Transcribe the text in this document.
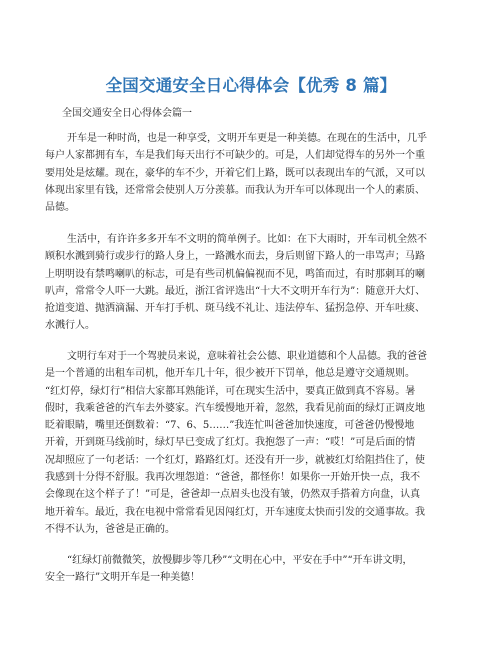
全国交通安全日心得体会【优秀 8 篇】
全国交通安全日心得体会篇一
开车是一种时尚，也是一种享受，文明开车更是一种美德。在现在的生活中，几乎
每户人家都拥有车，车是我们每天出行不可缺少的。可是，人们却觉得车的另外一个重
要用处是炫耀。现在，豪华的车不少，开着它们上路，既可以表现出车的气派，又可以
体现出家里有钱，还常常会使别人万分羡慕。而我认为开车可以体现出一个人的素质、
品德。
生活中，有许许多多开车不文明的简单例子。比如：在下大雨时，开车司机全然不
顾积水溅到骑行或步行的路人身上，一路溅水而去，身后则留下路人的一串骂声；马路
上明明设有禁鸣喇叭的标志，可是有些司机偏偏视而不见，鸣笛而过，有时那刺耳的喇
叭声，常常令人吓一大跳。最近，浙江省评选出“十大不文明开车行为”：随意开大灯、
抢道变道、抛洒滴漏、开车打手机、斑马线不礼让、违法停车、猛拐急停、开车吐痰、
水溅行人。
文明行车对于一个驾驶员来说，意味着社会公德、职业道德和个人品德。我的爸爸
是一个普通的出租车司机，他开车几十年，很少被开下罚单，他总是遵守交通规则。
“红灯停，绿灯行”相信大家都耳熟能详，可在现实生活中，要真正做到真不容易。暑
假时，我乘爸爸的汽车去外婆家。汽车缓慢地开着，忽然，我看见前面的绿灯正调皮地
眨着眼睛，嘴里还倒数着：“7、6、5……”我连忙叫爸爸加快速度，可爸爸仍慢慢地
开着，开到斑马线前时，绿灯早已变成了红灯。我抱怨了一声：“哎！”可是后面的情
况却照应了一句老话：一个红灯，路路红灯。还没有开一步，就被红灯给阻挡住了，使
我感到十分得不舒服。我再次埋怨道：“爸爸，都怪你！如果你一开始开快一点，我不
会像现在这个样子了！”可是，爸爸却一点眉头也没有皱，仍然双手搭着方向盘，认真
地开着车。最近，我在电视中常常看见因闯红灯，开车速度太快而引发的交通事故。我
不得不认为，爸爸是正确的。
“红绿灯前微微笑，放慢脚步等几秒”“文明在心中，平安在手中”“开车讲文明，
安全一路行”文明开车是一种美德！
